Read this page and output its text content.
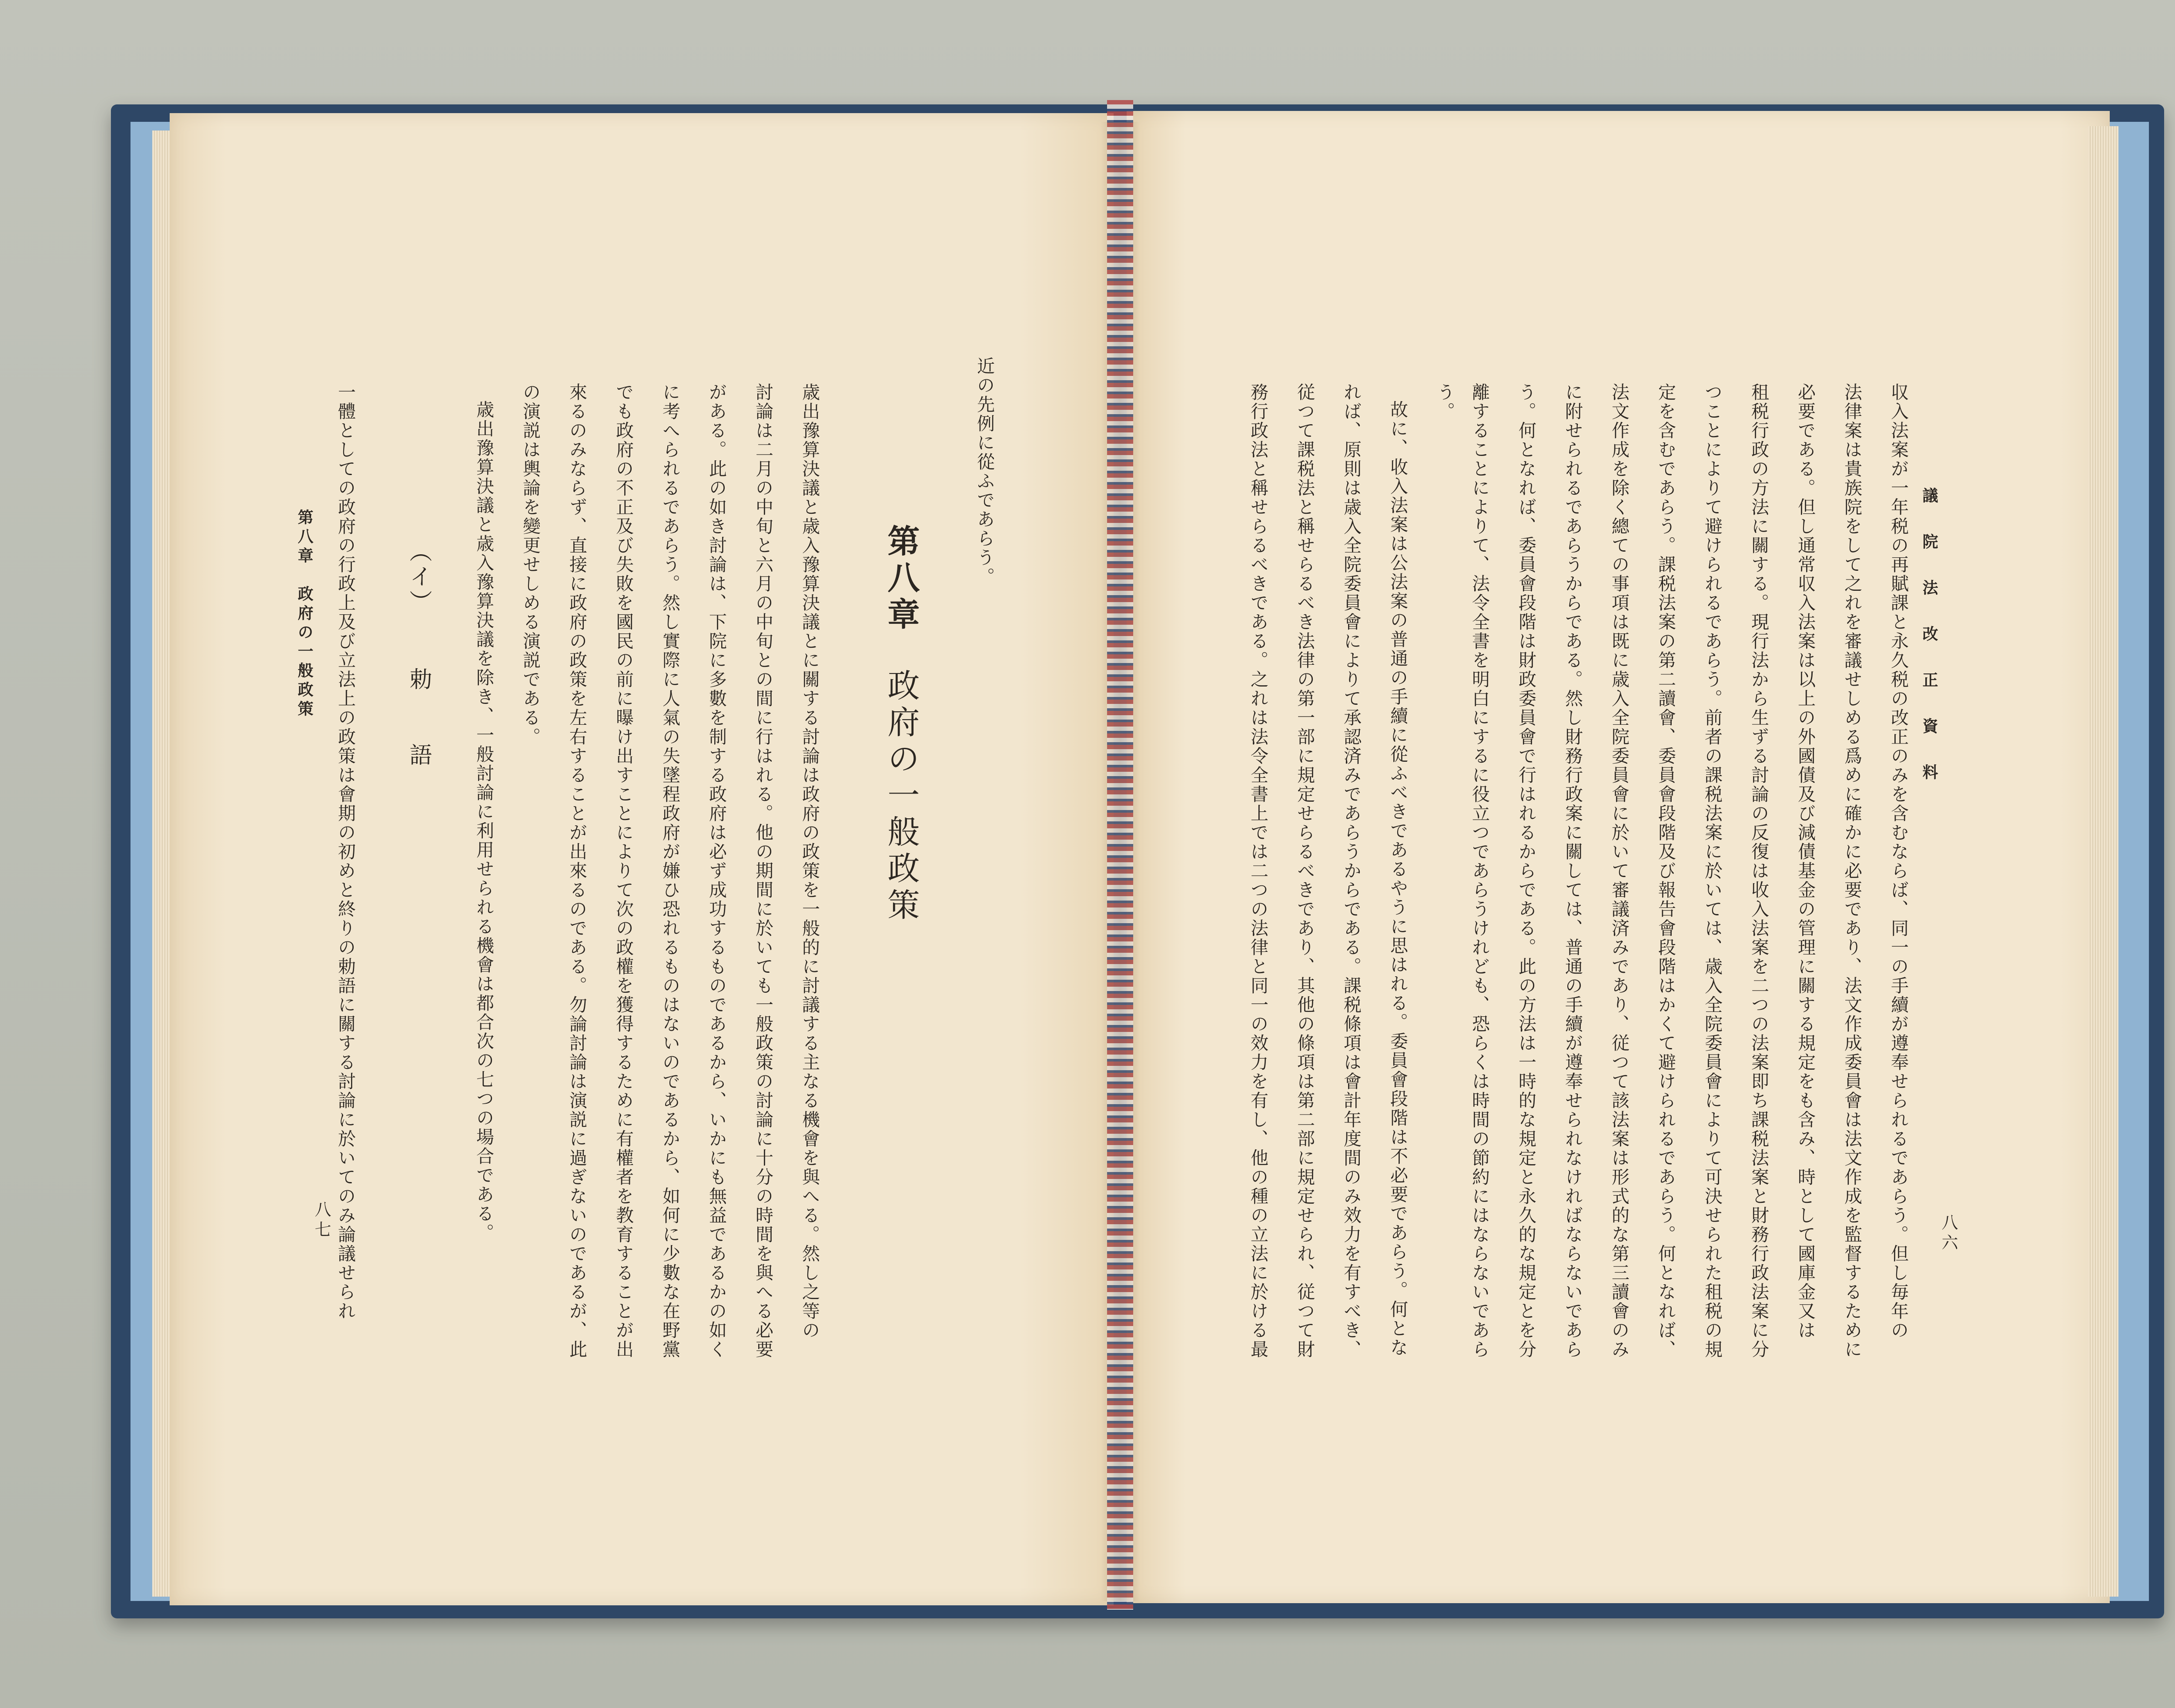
議 院 法 改 正 資 料
八六
収入法案が一年税の再賦課と永久税の改正のみを含むならば、同一の手續が遵奉せられるであらう。但し毎年の
法律案は貴族院をして之れを審議せしめる爲めに確かに必要であり、法文作成委員會は法文作成を監督するために
必要である。但し通常収入法案は以上の外國債及び減債基金の管理に關する規定をも含み、時として國庫金又は
租税行政の方法に關する。現行法から生ずる討論の反復は收入法案を二つの法案即ち課税法案と財務行政法案に分
つことによりて避けられるであらう。前者の課税法案に於いては、歳入全院委員會によりて可決せられた租税の規
定を含むであらう。課税法案の第二讀會、委員會段階及び報告會段階はかくて避けられるであらう。何となれば、
法文作成を除く總ての事項は既に歳入全院委員會に於いて審議済みであり、従つて該法案は形式的な第三讀會のみ
に附せられるであらうからである。然し財務行政案に關しては、普通の手續が遵奉せられなければならないであら
う。何となれば、委員會段階は財政委員會で行はれるからである。此の方法は一時的な規定と永久的な規定とを分
離することによりて、法令全書を明白にするに役立つであらうけれども、恐らくは時間の節約にはならないであら
う。
故に、收入法案は公法案の普通の手續に從ふべきであるやうに思はれる。委員會段階は不必要であらう。何とな
れば、原則は歳入全院委員會によりて承認済みであらうからである。課税條項は會計年度間のみ效力を有すべき、
従つて課税法と稱せらるべき法律の第一部に規定せらるべきであり、其他の條項は第二部に規定せられ、従つて財
務行政法と稱せらるべきである。之れは法令全書上では二つの法律と同一の效力を有し、他の種の立法に於ける最
近の先例に從ふであらう。
第八章政府の一般政策
歳出豫算決議と歳入豫算決議とに關する討論は政府の政策を一般的に討議する主なる機會を與へる。然し之等の
討論は二月の中旬と六月の中旬との間に行はれる。他の期間に於いても一般政策の討論に十分の時間を與へる必要
がある。此の如き討論は、下院に多數を制する政府は必ず成功するものであるから、いかにも無益であるかの如く
に考へられるであらう。然し實際に人氣の失墜程政府が嫌ひ恐れるものはないのであるから、如何に少數な在野黨
でも政府の不正及び失敗を國民の前に曝け出すことによりて次の政權を獲得するために有權者を教育することが出
來るのみならず、直接に政府の政策を左右することが出來るのである。勿論討論は演説に過ぎないのであるが、此
の演説は輿論を變更せしめる演説である。
歳出豫算決議と歳入豫算決議を除き、一般討論に利用せられる機會は都合次の七つの場合である。
（イ）勅　　語
一體としての政府の行政上及び立法上の政策は會期の初めと終りの勅語に關する討論に於いてのみ論議せられ
第八章　政府の一般政策
八七
